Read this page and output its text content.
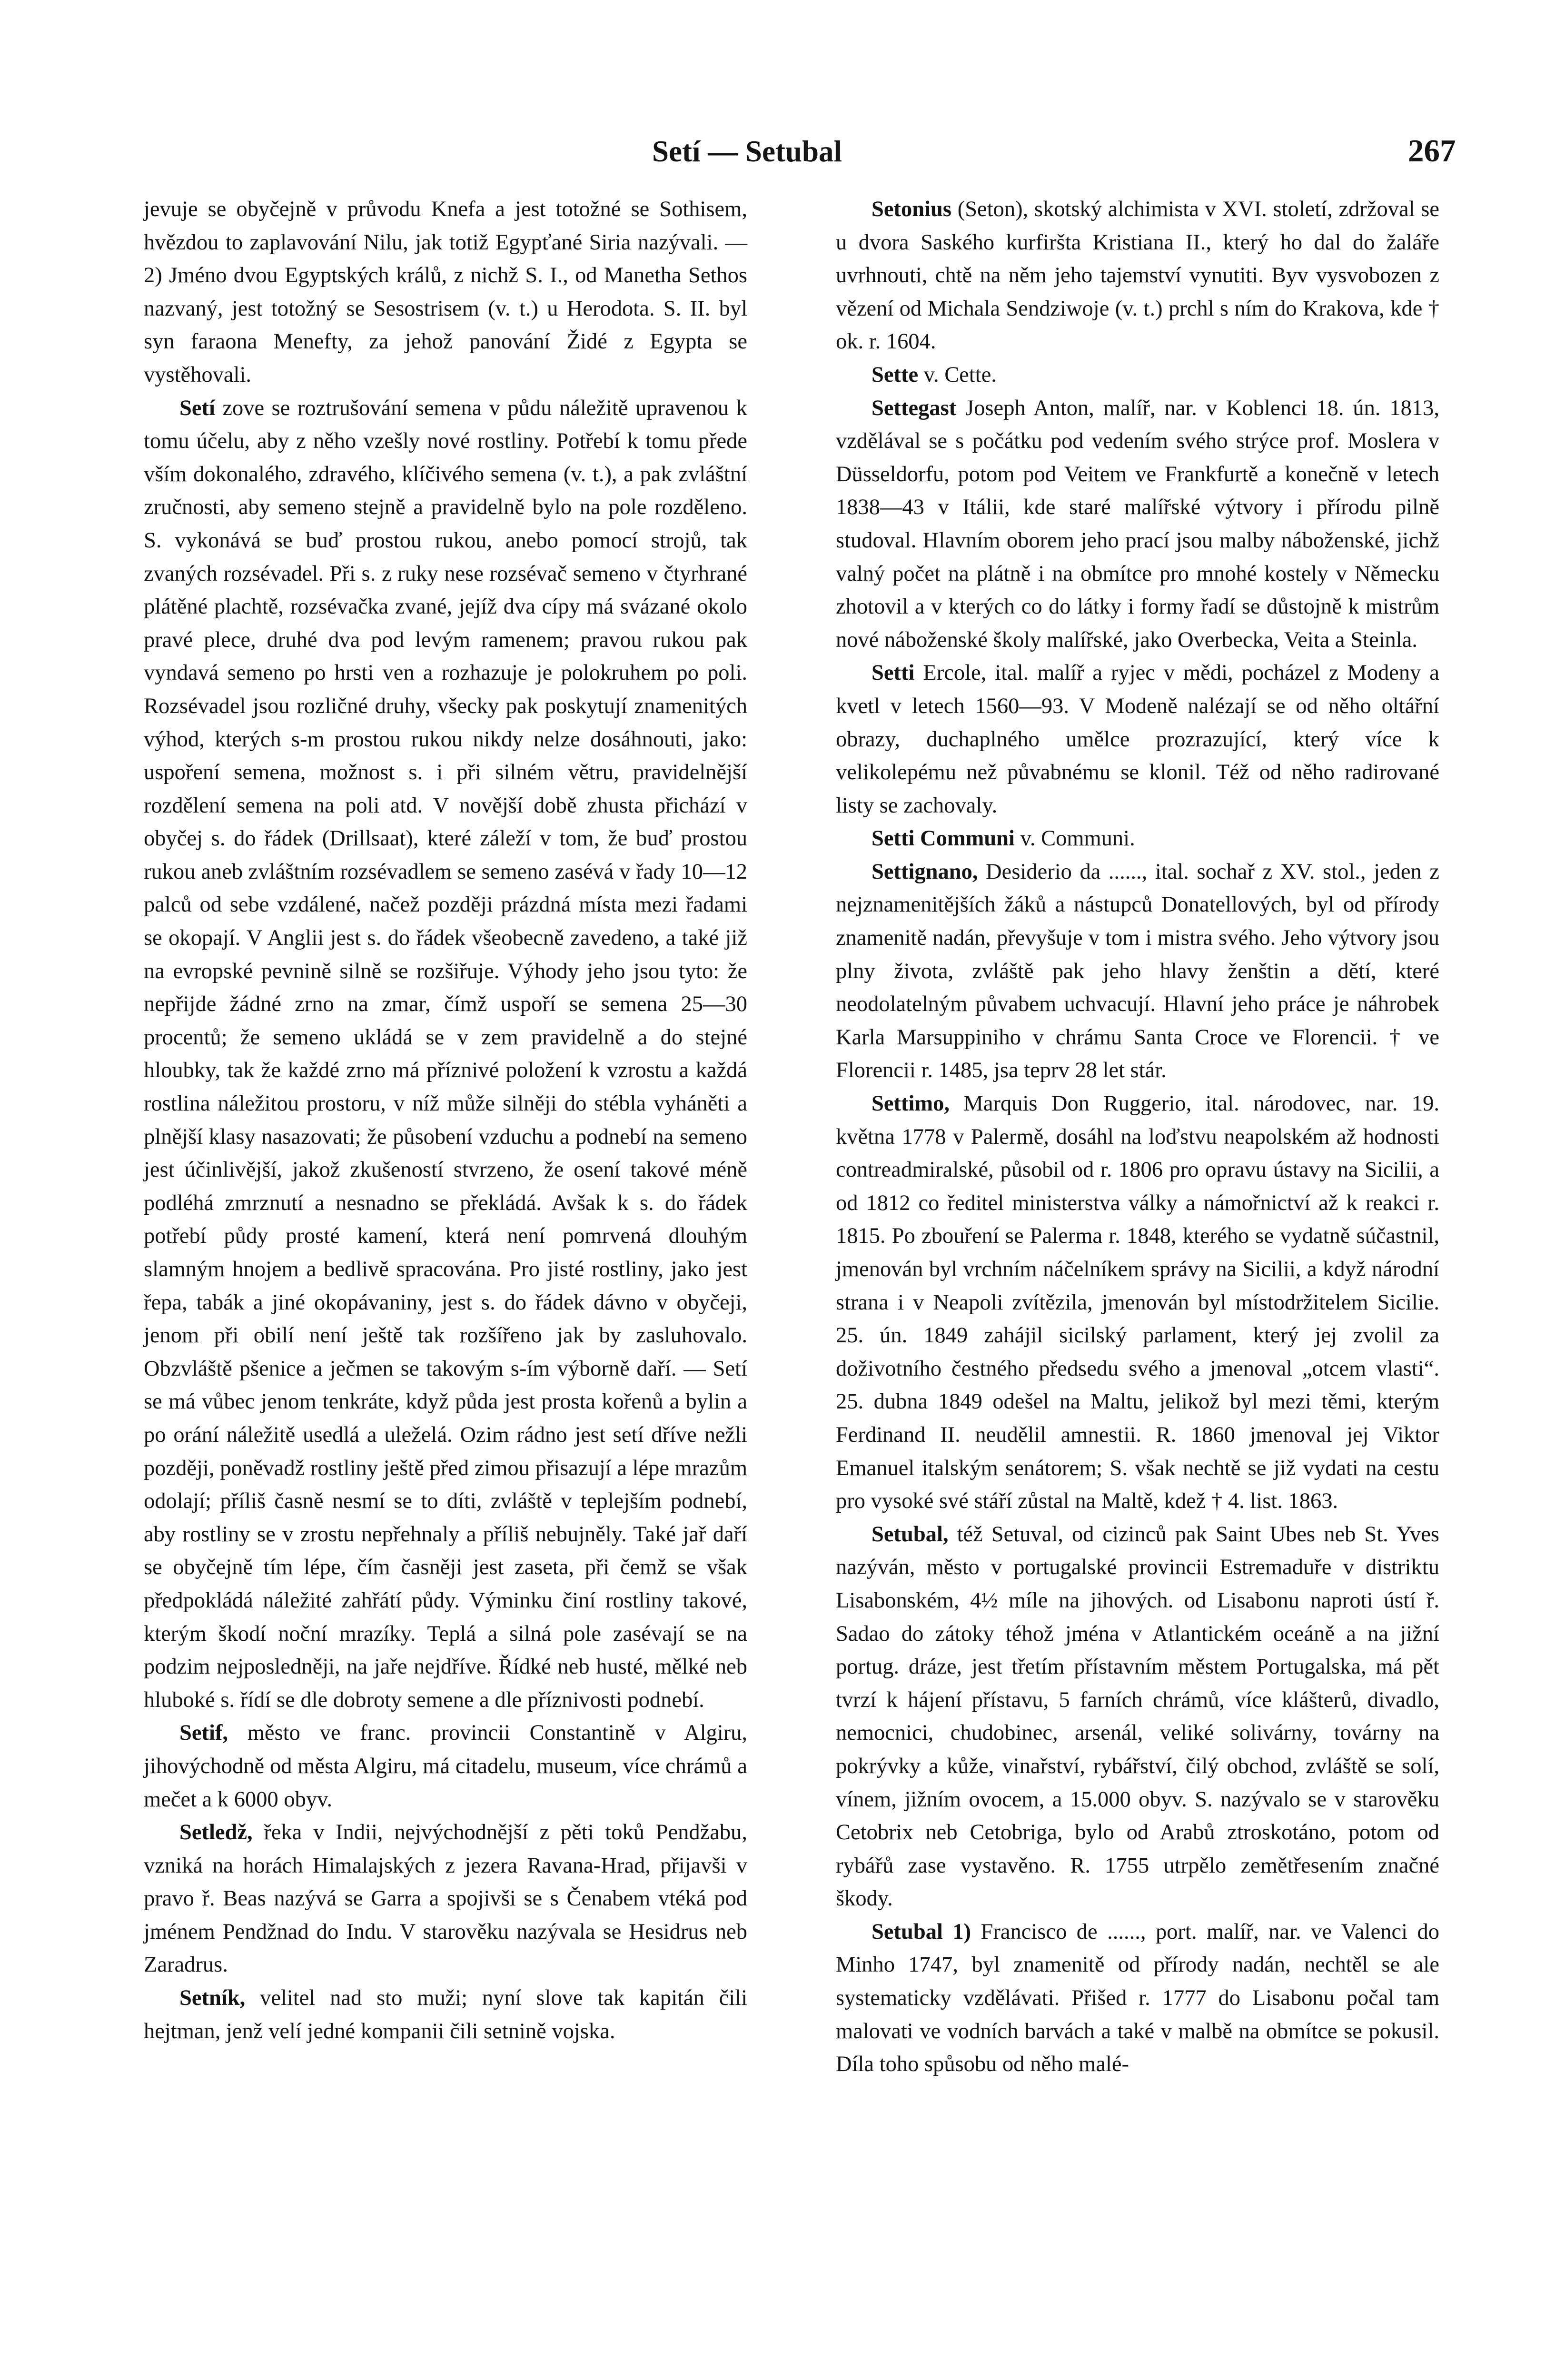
Setí — Setubal	267

jevuje se obyčejně v průvodu Knefa a jest totožné se Sothisem, hvězdou to zaplavování Nilu, jak totiž Egypťané Siria nazývali. — 2) Jméno dvou Egyptských králů, z nichž S. I., od Manetha Sethos nazvaný, jest totožný se Sesostrisem (v. t.) u Herodota. S. II. byl syn faraona Menefty, za jehož panování Židé z Egypta se vystěhovali.

Setí zove se roztrušování semena v půdu náležitě upravenou k tomu účelu, aby z něho vzešly nové rostliny. Potřebí k tomu přede vším dokonalého, zdravého, klíčivého semena (v. t.), a pak zvláštní zručnosti, aby semeno stejně a pravidelně bylo na pole rozděleno. S. vykonává se buď prostou rukou, anebo pomocí strojů, tak zvaných rozsévadel. Při s. z ruky nese rozsévač semeno v čtyrhrané plátěné plachtě, rozsévačka zvané, jejíž dva cípy má svázané okolo pravé plece, druhé dva pod levým ramenem; pravou rukou pak vyndavá semeno po hrsti ven a rozhazuje je polokruhem po poli. Rozsévadel jsou rozličné druhy, všecky pak poskytují znamenitých výhod, kterých s-m prostou rukou nikdy nelze dosáhnouti, jako: uspoření semena, možnost s. i při silném větru, pravidelnější rozdělení semena na poli atd. V novější době zhusta přichází v obyčej s. do řádek (Drillsaat), které záleží v tom, že buď prostou rukou aneb zvláštním rozsévadlem se semeno zasévá v řady 10—12 palců od sebe vzdálené, načež později prázdná místa mezi řadami se okopají. V Anglii jest s. do řádek všeobecně zavedeno, a také již na evropské pevnině silně se rozšiřuje. Výhody jeho jsou tyto: že nepřijde žádné zrno na zmar, čímž uspoří se semena 25—30 procentů; že semeno ukládá se v zem pravidelně a do stejné hloubky, tak že každé zrno má příznivé položení k vzrostu a každá rostlina náležitou prostoru, v níž může silněji do stébla vyháněti a plnější klasy nasazovati; že působení vzduchu a podnebí na semeno jest účinlivější, jakož zkušeností stvrzeno, že osení takové méně podléhá zmrznutí a nesnadno se překládá. Avšak k s. do řádek potřebí půdy prosté kamení, která není pomrvená dlouhým slamným hnojem a bedlivě spracována. Pro jisté rostliny, jako jest řepa, tabák a jiné okopávaniny, jest s. do řádek dávno v obyčeji, jenom při obilí není ještě tak rozšířeno jak by zasluhovalo. Obzvláště pšenice a ječmen se takovým s-ím výborně daří. — Setí se má vůbec jenom tenkráte, když půda jest prosta kořenů a bylin a po orání náležitě usedlá a uleželá. Ozim rádno jest setí dříve nežli později, poněvadž rostliny ještě před zimou přisazují a lépe mrazům odolají; příliš časně nesmí se to díti, zvláště v teplejším podnebí, aby rostliny se v zrostu nepřehnaly a příliš nebujněly. Také jař daří se obyčejně tím lépe, čím časněji jest zaseta, při čemž se však předpokládá náležité zahřátí půdy. Výminku činí rostliny takové, kterým škodí noční mrazíky. Teplá a silná pole zasévají se na podzim nejposledněji, na jaře nejdříve. Řídké neb husté, mělké neb hluboké s. řídí se dle dobroty semene a dle příznivosti podnebí.

Setif, město ve franc. provincii Constantině v Algiru, jihovýchodně od města Algiru, má citadelu, museum, více chrámů a mečet a k 6000 obyv.

Setledž, řeka v Indii, nejvýchodnější z pěti toků Pendžabu, vzniká na horách Himalajských z jezera Ravana-Hrad, přijavši v pravo ř. Beas nazývá se Garra a spojivši se s Čenabem vtéká pod jménem Pendžnad do Indu. V starověku nazývala se Hesidrus neb Zaradrus.

Setník, velitel nad sto muži; nyní slove tak kapitán čili hejtman, jenž velí jedné kompanii čili setnině vojska.

Setonius (Seton), skotský alchimista v XVI. století, zdržoval se u dvora Saského kurfiršta Kristiana II., který ho dal do žaláře uvrhnouti, chtě na něm jeho tajemství vynutiti. Byv vysvobozen z vězení od Michala Sendziwoje (v. t.) prchl s ním do Krakova, kde † ok. r. 1604.

Sette v. Cette.

Settegast Joseph Anton, malíř, nar. v Koblenci 18. ún. 1813, vzdělával se s počátku pod vedením svého strýce prof. Moslera v Düsseldorfu, potom pod Veitem ve Frankfurtě a konečně v letech 1838—43 v Itálii, kde staré malířské výtvory i přírodu pilně studoval. Hlavním oborem jeho prací jsou malby náboženské, jichž valný počet na plátně i na obmítce pro mnohé kostely v Německu zhotovil a v kterých co do látky i formy řadí se důstojně k mistrům nové náboženské školy malířské, jako Overbecka, Veita a Steinla.

Setti Ercole, ital. malíř a ryjec v mědi, pocházel z Modeny a kvetl v letech 1560—93. V Modeně nalézají se od něho oltářní obrazy, duchaplného umělce prozrazující, který více k velikolepému než půvabnému se klonil. Též od něho radirované listy se zachovaly.

Setti Communi v. Communi.

Settignano, Desiderio da ......, ital. sochař z XV. stol., jeden z nejznamenitějších žáků a nástupců Donatellových, byl od přírody znamenitě nadán, převyšuje v tom i mistra svého. Jeho výtvory jsou plny života, zvláště pak jeho hlavy ženštin a dětí, které neodolatelným půvabem uchvacují. Hlavní jeho práce je náhrobek Karla Marsuppiniho v chrámu Santa Croce ve Florencii. † ve Florencii r. 1485, jsa teprv 28 let stár.

Settimo, Marquis Don Ruggerio, ital. národovec, nar. 19. května 1778 v Palermě, dosáhl na loďstvu neapolském až hodnosti contreadmiralské, působil od r. 1806 pro opravu ústavy na Sicilii, a od 1812 co ředitel ministerstva války a námořnictví až k reakci r. 1815. Po zbouření se Palerma r. 1848, kterého se vydatně súčastnil, jmenován byl vrchním náčelníkem správy na Sicilii, a když národní strana i v Neapoli zvítězila, jmenován byl místodržitelem Sicilie. 25. ún. 1849 zahájil sicilský parlament, který jej zvolil za doživotního čestného předsedu svého a jmenoval „otcem vlasti“. 25. dubna 1849 odešel na Maltu, jelikož byl mezi těmi, kterým Ferdinand II. neudělil amnestii. R. 1860 jmenoval jej Viktor Emanuel italským senátorem; S. však nechtě se již vydati na cestu pro vysoké své stáří zůstal na Maltě, kdež † 4. list. 1863.

Setubal, též Setuval, od cizinců pak Saint Ubes neb St. Yves nazýván, město v portugalské provincii Estremaduře v distriktu Lisabonském, 4½ míle na jihových. od Lisabonu naproti ústí ř. Sadao do zátoky téhož jména v Atlantickém oceáně a na jižní portug. dráze, jest třetím přístavním městem Portugalska, má pět tvrzí k hájení přístavu, 5 farních chrámů, více klášterů, divadlo, nemocnici, chudobinec, arsenál, veliké solivárny, továrny na pokrývky a kůže, vinařství, rybářství, čilý obchod, zvláště se solí, vínem, jižním ovocem, a 15.000 obyv. S. nazývalo se v starověku Cetobrix neb Cetobriga, bylo od Arabů ztroskotáno, potom od rybářů zase vystavěno. R. 1755 utrpělo zemětřesením značné škody.

Setubal 1) Francisco de ......, port. malíř, nar. ve Valenci do Minho 1747, byl znamenitě od přírody nadán, nechtěl se ale systematicky vzdělávati. Přišed r. 1777 do Lisabonu počal tam malovati ve vodních barvách a také v malbě na obmítce se pokusil. Díla toho spůsobu od něho malé-
